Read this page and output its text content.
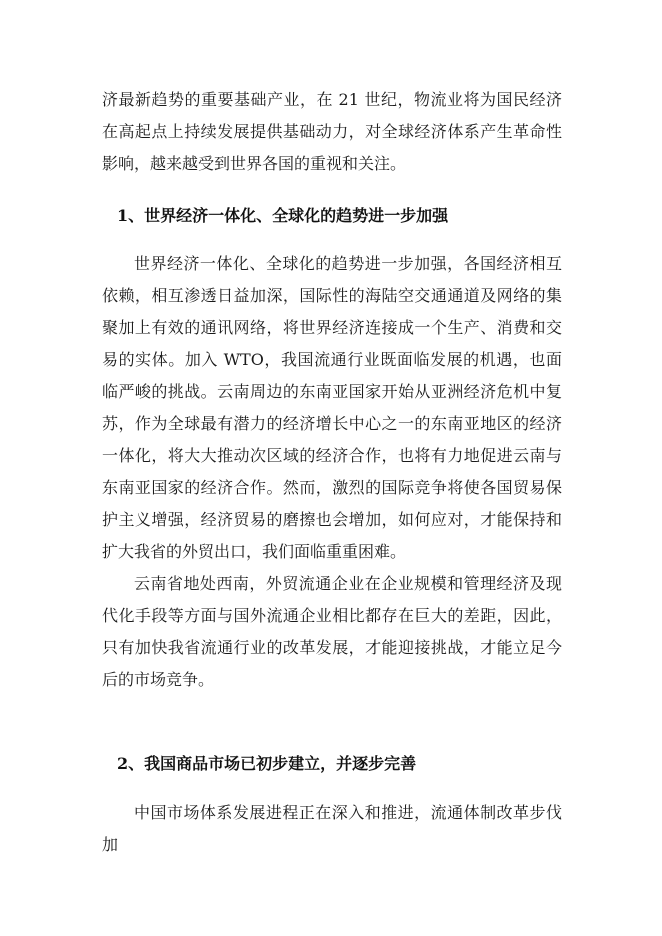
济最新趋势的重要基础产业，在 21 世纪，物流业将为国民经济在高起点上持续发展提供基础动力，对全球经济体系产生革命性影响，越来越受到世界各国的重视和关注。

1、世界经济一体化、全球化的趋势进一步加强

世界经济一体化、全球化的趋势进一步加强，各国经济相互依赖，相互渗透日益加深，国际性的海陆空交通通道及网络的集聚加上有效的通讯网络，将世界经济连接成一个生产、消费和交易的实体。加入 WTO，我国流通行业既面临发展的机遇，也面临严峻的挑战。云南周边的东南亚国家开始从亚洲经济危机中复苏，作为全球最有潜力的经济增长中心之一的东南亚地区的经济一体化，将大大推动次区域的经济合作，也将有力地促进云南与东南亚国家的经济合作。然而，激烈的国际竞争将使各国贸易保护主义增强，经济贸易的磨擦也会增加，如何应对，才能保持和扩大我省的外贸出口，我们面临重重困难。

云南省地处西南，外贸流通企业在企业规模和管理经济及现代化手段等方面与国外流通企业相比都存在巨大的差距，因此，只有加快我省流通行业的改革发展，才能迎接挑战，才能立足今后的市场竞争。

2、我国商品市场已初步建立，并逐步完善

中国市场体系发展进程正在深入和推进，流通体制改革步伐加
